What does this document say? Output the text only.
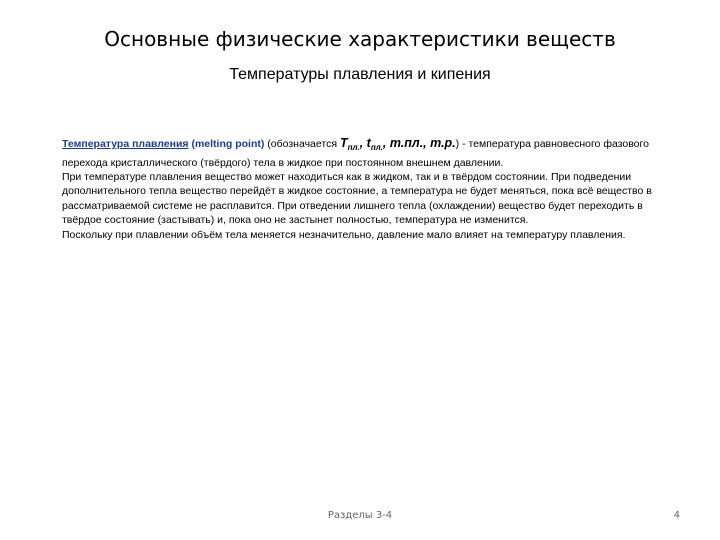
Основные физические характеристики веществ
Температуры плавления и кипения

Температура плавления (melting point) (обозначается $T_{пл.}$, $t_{пл.}$, т.пл., т.р.) - температура равновесного фазового перехода кристаллического (твёрдого) тела в жидкое при постоянном внешнем давлении.

При температуре плавления вещество может находиться как в жидком, так и в твёрдом состоянии. При подведении дополнительного тепла вещество перейдёт в жидкое состояние, а температура не будет меняться, пока всё вещество в рассматриваемой системе не расплавится. При отведении лишнего тепла (охлаждении) вещество будет переходить в твёрдое состояние (застывать) и, пока оно не застынет полностью, температура не изменится.

Поскольку при плавлении объём тела меняется незначительно, давление мало влияет на температуру плавления.

Разделы 3-4	4
